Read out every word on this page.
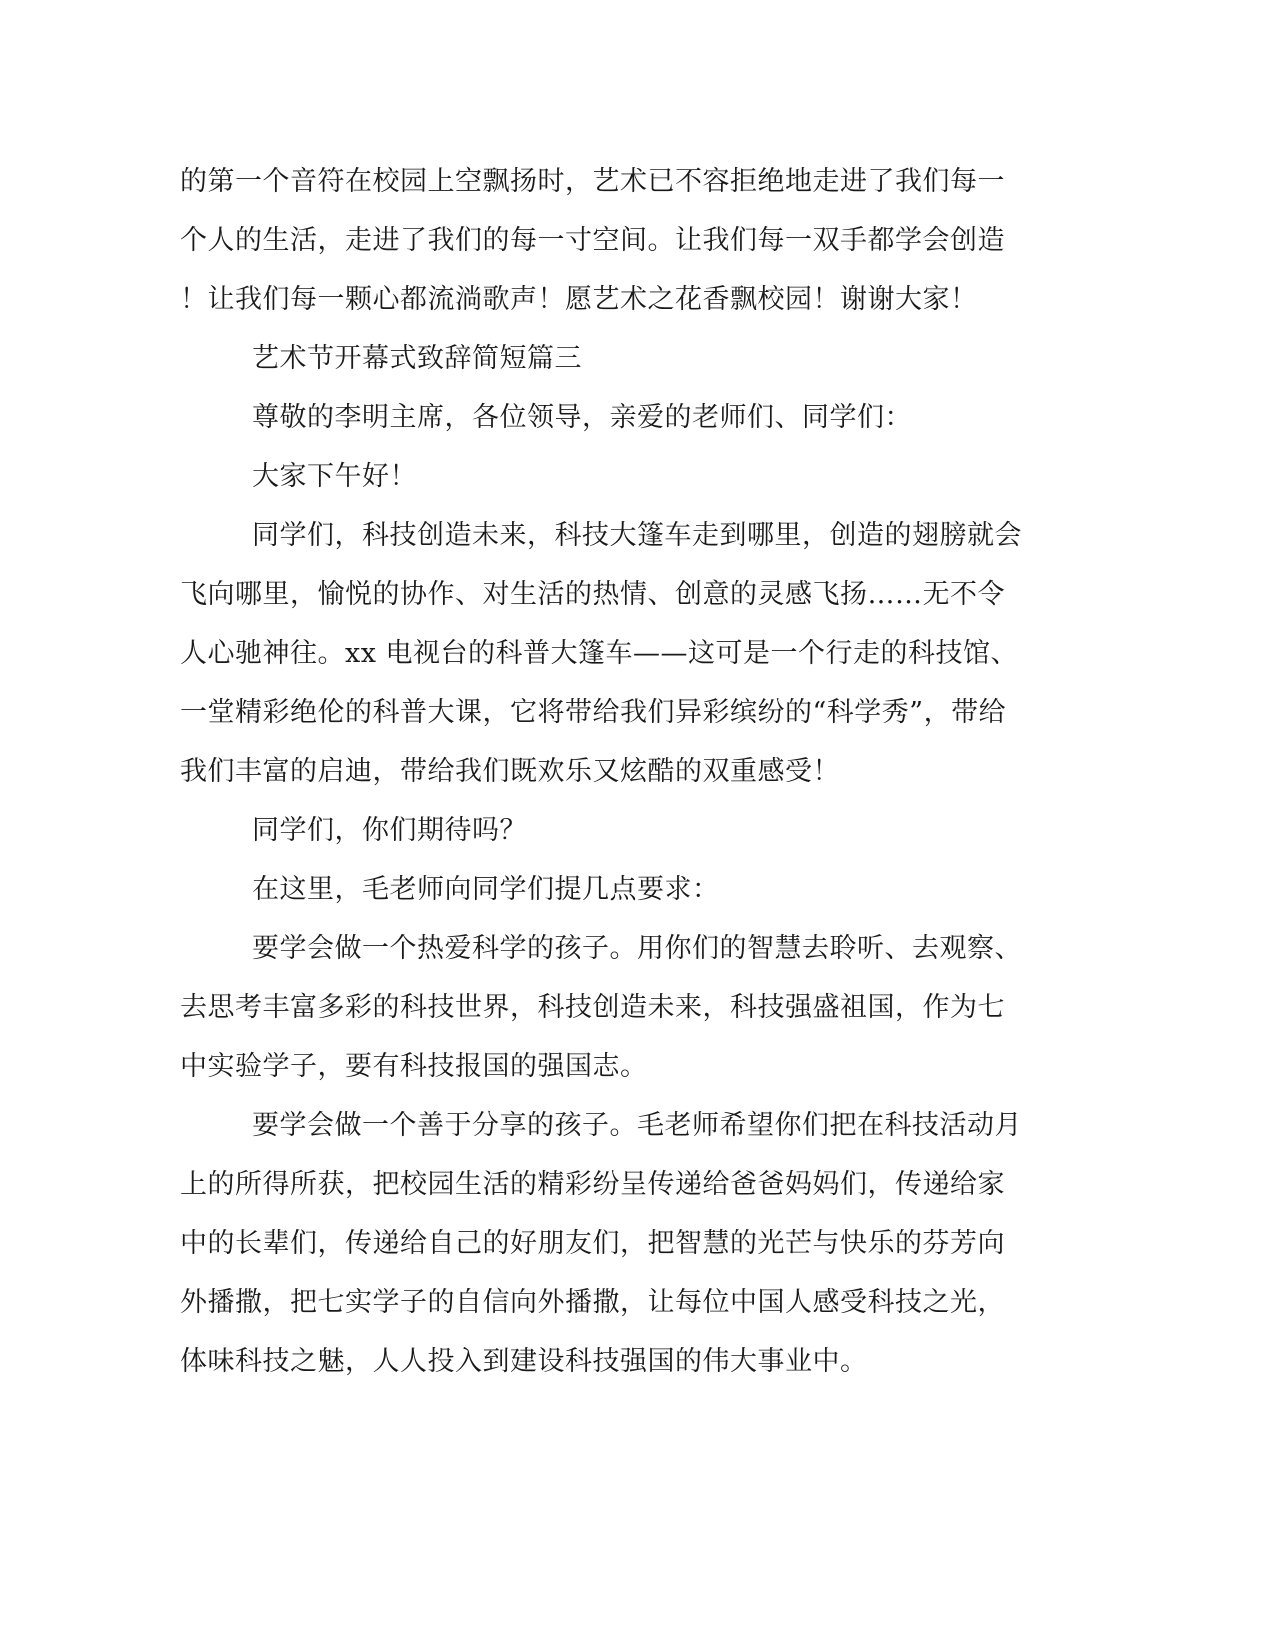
的第一个音符在校园上空飘扬时，艺术已不容拒绝地走进了我们每一
个人的生活，走进了我们的每一寸空间。让我们每一双手都学会创造
！让我们每一颗心都流淌歌声！愿艺术之花香飘校园！谢谢大家！
艺术节开幕式致辞简短篇三
尊敬的李明主席，各位领导，亲爱的老师们、同学们：
大家下午好！
同学们，科技创造未来，科技大篷车走到哪里，创造的翅膀就会
飞向哪里，愉悦的协作、对生活的热情、创意的灵感飞扬……无不令
人心驰神往。xx 电视台的科普大篷车——这可是一个行走的科技馆、
一堂精彩绝伦的科普大课，它将带给我们异彩缤纷的“科学秀”，带给
我们丰富的启迪，带给我们既欢乐又炫酷的双重感受！
同学们，你们期待吗？
在这里，毛老师向同学们提几点要求：
要学会做一个热爱科学的孩子。用你们的智慧去聆听、去观察、
去思考丰富多彩的科技世界，科技创造未来，科技强盛祖国，作为七
中实验学子，要有科技报国的强国志。
要学会做一个善于分享的孩子。毛老师希望你们把在科技活动月
上的所得所获，把校园生活的精彩纷呈传递给爸爸妈妈们，传递给家
中的长辈们，传递给自己的好朋友们，把智慧的光芒与快乐的芬芳向
外播撒，把七实学子的自信向外播撒，让每位中国人感受科技之光，
体味科技之魅，人人投入到建设科技强国的伟大事业中。
